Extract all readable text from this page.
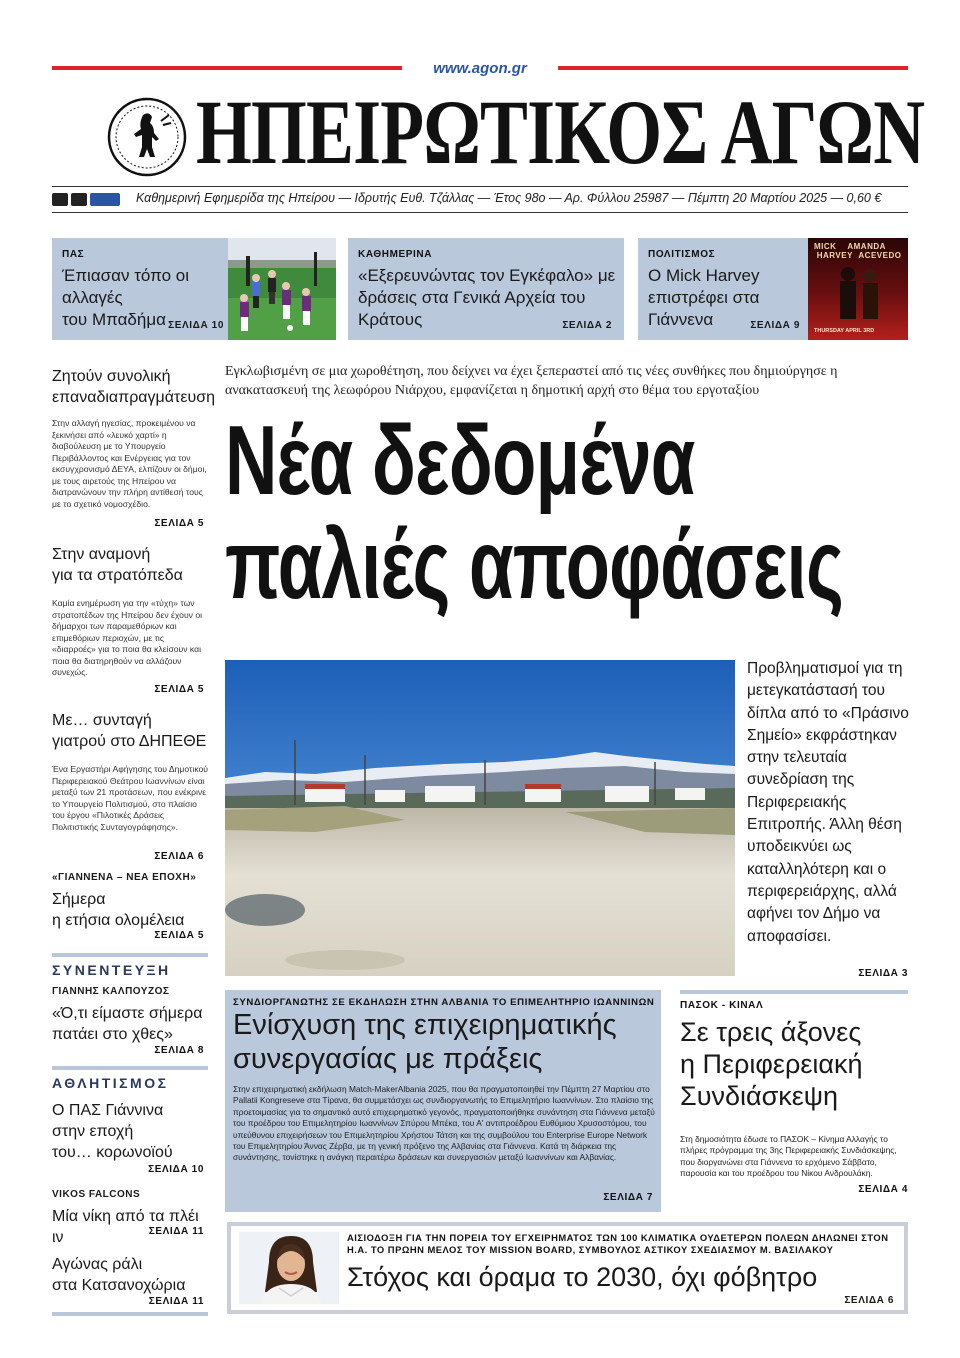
www.agon.gr
ΗΠΕΙΡΩΤΙΚΟΣ ΑΓΩΝ
Καθημερινή Εφημερίδα της Ηπείρου — Ιδρυτής Ευθ. Τζάλλας — Έτος 98ο — Αρ. Φύλλου 25987 — Πέμπτη 20 Μαρτίου 2025 — 0,60 €
ΠΑΣ
Έπιασαν τόπο οι αλλαγές
του Μπαδήμα ΣΕΛΙΔΑ 10
ΚΑΘΗΜΕΡΙΝΑ
«Εξερευνώντας τον Εγκέφαλο» με
δράσεις στα Γενικά Αρχεία του Κράτους	ΣΕΛΙΔΑ 2
ΠΟΛΙΤΙΣΜΟΣ
Ο Mick Harvey
επιστρέφει στα Γιάννενα	ΣΕΛΙΔΑ 9
MICK AMANDA
HARVEY ACEVEDO
THURSDAY APRIL 3RD
Ζητούν συνολική
επαναδιαπραγμάτευση
Στην αλλαγή ηγεσίας, προκειμένου να ξεκινήσει από «λευκό χαρτί» η διαβούλευση με το Υπουργείο Περιβάλλοντος και Ενέργειας για τον εκσυγχρονισμό ΔΕΥΑ, ελπίζουν οι δήμοι, με τους αιρετούς της Ηπείρου να διατρανώνουν την πλήρη αντίθεσή τους με το σχετικό νομοσχέδιο.
ΣΕΛΙΔΑ 5
Στην αναμονή
για τα στρατόπεδα
Καμία ενημέρωση για την «τύχη» των στρατοπέδων της Ηπείρου δεν έχουν οι δήμαρχοι των παραμεθόριων και επιμεθόριων περιοχών, με τις «διαρροές» για το ποια θα κλείσουν και ποια θα διατηρηθούν να αλλάζουν συνεχώς.
ΣΕΛΙΔΑ 5
Με… συνταγή
γιατρού στο ΔΗΠΕΘΕ
Ένα Εργαστήρι Αφήγησης του Δημοτικού Περιφερειακού Θεάτρου Ιωαννίνων είναι μεταξύ των 21 προτάσεων, που ενέκρινε το Υπουργείο Πολιτισμού, στο πλαίσιο του έργου «Πιλοτικές Δράσεις Πολιτιστικής Συνταγογράφησης».
ΣΕΛΙΔΑ 6
«ΓΙΑΝΝΕΝΑ – ΝΕΑ ΕΠΟΧΗ»
Σήμερα
η ετήσια ολομέλεια
ΣΕΛΙΔΑ 5
ΣΥΝΕΝΤΕΥΞΗ
ΓΙΑΝΝΗΣ ΚΑΛΠΟΥΖΟΣ
«Ό,τι είμαστε σήμερα
πατάει στο χθες»
ΣΕΛΙΔΑ 8
ΑΘΛΗΤΙΣΜΟΣ
Ο ΠΑΣ Γιάννινα
στην εποχή
του… κορωνοϊού
ΣΕΛΙΔΑ 10
VIKOS FALCONS
Μία νίκη από τα πλέι ιν	ΣΕΛΙΔΑ 11
Αγώνας ράλι
στα Κατσανοχώρια
ΣΕΛΙΔΑ 11
Εγκλωβισμένη σε μια χωροθέτηση, που δείχνει να έχει ξεπεραστεί από τις νέες συνθήκες που δημιούργησε η ανακατασκευή της λεωφόρου Νιάρχου, εμφανίζεται η δημοτική αρχή στο θέμα του εργοταξίου
Νέα δεδομένα
παλιές αποφάσεις
Προβληματισμοί για τη μετεγκατάστασή του δίπλα από το «Πράσινο Σημείο» εκφράστηκαν στην τελευταία συνεδρίαση της Περιφερειακής Επιτροπής. Άλλη θέση υποδεικνύει ως καταλληλότερη και ο περιφερειάρχης, αλλά αφήνει τον Δήμο να αποφασίσει.
ΣΕΛΙΔΑ 3
ΣΥΝΔΙΟΡΓΑΝΩΤΗΣ ΣΕ ΕΚΔΗΛΩΣΗ ΣΤΗΝ ΑΛΒΑΝΙΑ ΤΟ ΕΠΙΜΕΛΗΤΗΡΙΟ ΙΩΑΝΝΙΝΩΝ
Ενίσχυση της επιχειρηματικής
συνεργασίας με πράξεις
Στην επιχειρηματική εκδήλωση Match-MakerAlbania 2025, που θα πραγματοποιηθεί την Πέμπτη 27 Μαρτίου στο Pallatii Kongreseve στα Τίρανα, θα συμμετάσχει ως συνδιοργανωτής το Επιμελητήριο Ιωαννίνων. Στο πλαίσιο της προετοιμασίας για το σημαντικό αυτό επιχειρηματικό γεγονός, πραγματοποιήθηκε συνάντηση στα Γιάννενα μεταξύ του προέδρου του Επιμελητηρίου Ιωαννίνων Σπύρου Μπέκα, του Α' αντιπροέδρου Ευθύμιου Χρυσοστόμου, του υπεύθυνου επιχειρήσεων του Επιμελητηρίου Χρήστου Τάτση και της συμβούλου του Enterprise Europe Network του Επιμελητηρίου Άννας Ζέρβα, με τη γενική πρόξενο της Αλβανίας στα Γιάννενα. Κατά τη διάρκεια της συνάντησης, τονίστηκε η ανάγκη περαιτέρω δράσεων και συνεργασιών μεταξύ Ιωαννίνων και Αλβανίας.
ΣΕΛΙΔΑ 7
ΠΑΣΟΚ - ΚΙΝΑΛ
Σε τρεις άξονες
η Περιφερειακή
Συνδιάσκεψη
Στη δημοσιότητα έδωσε το ΠΑΣΟΚ – Κίνημα Αλλαγής το πλήρες πρόγραμμα της 3ης Περιφερειακής Συνδιάσκεψης, που διοργανώνει στα Γιάννενα το ερχόμενο Σάββατο, παρουσία και του προέδρου του Νίκου Ανδρουλάκη.
ΣΕΛΙΔΑ 4
ΑΙΣΙΟΔΟΞΗ ΓΙΑ ΤΗΝ ΠΟΡΕΙΑ ΤΟΥ ΕΓΧΕΙΡΗΜΑΤΟΣ ΤΩΝ 100 ΚΛΙΜΑΤΙΚΑ ΟΥΔΕΤΕΡΩΝ ΠΟΛΕΩΝ ΔΗΛΩΝΕΙ ΣΤΟΝ Η.Α. ΤΟ ΠΡΩΗΝ ΜΕΛΟΣ ΤΟΥ MISSION BOARD, ΣΥΜΒΟΥΛΟΣ ΑΣΤΙΚΟΥ ΣΧΕΔΙΑΣΜΟΥ Μ. ΒΑΣΙΛΑΚΟΥ
Στόχος και όραμα το 2030, όχι φόβητρο
ΣΕΛΙΔΑ 6
